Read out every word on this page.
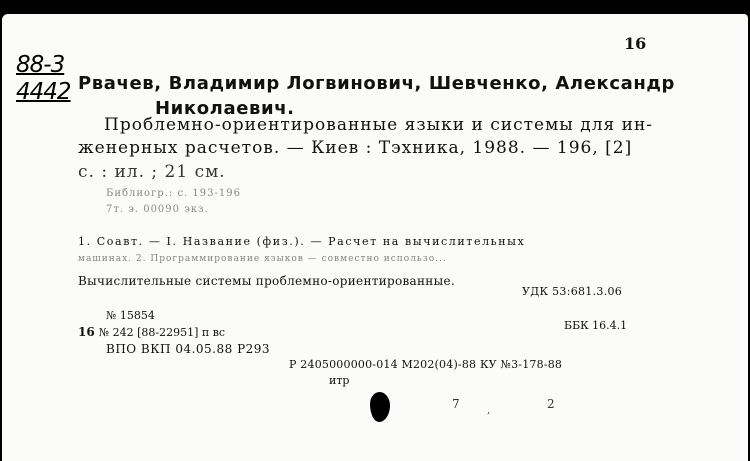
16
88-3
4442 Рвачев, Владимир Логвинович, Шевченко, Александр
Николаевич.
Проблемно-ориентированные языки и системы для ин-
женерных расчетов. — Киев : Тэхника, 1988. — 196, [2]
с. : ил. ; 21 см.
Библиогр.: с. 193-196
7т. э. 00090 экз.
1. Соавт. — I. Название (физ.). — Расчет на вычислительных
машинах. 2. Программирование языков — совместно использо...
Вычислительные системы проблемно-ориентированные.
УДК 53:681.3.06
№ 15854
ББК 16.4.1
16 № 242 [88-22951] п вс
ВПО ВКП 04.05.88 Р293
Р 2405000000-014 М202(04)-88 КУ №3-178-88
итр
7	,	2
